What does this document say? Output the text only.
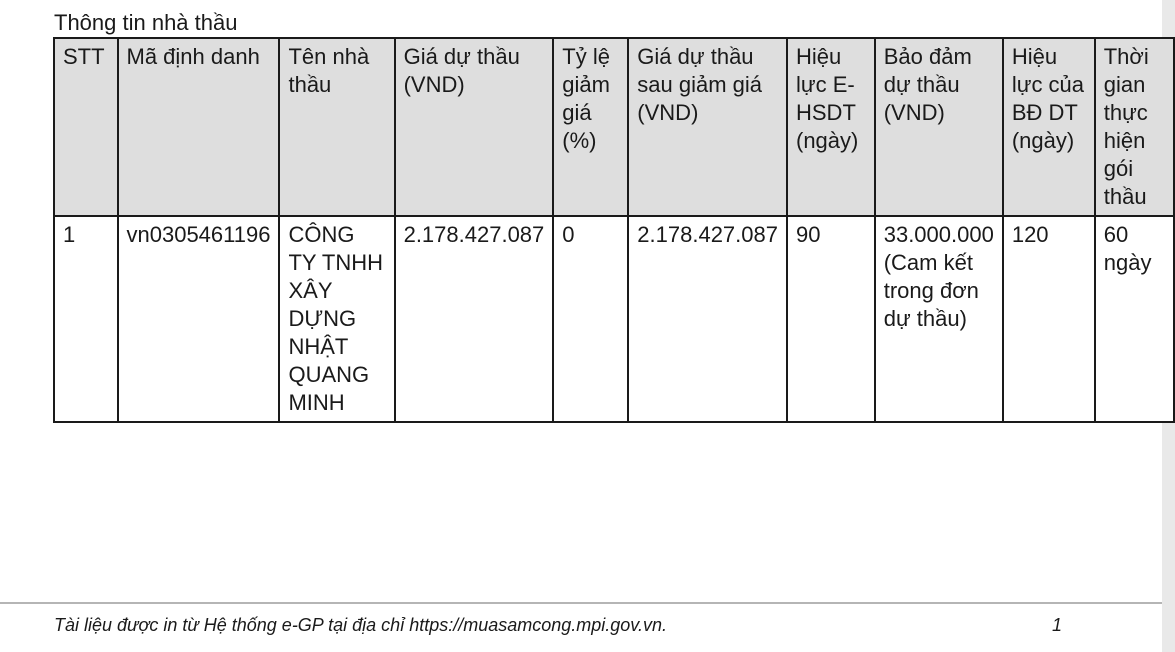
Thông tin nhà thầu
STT	Mã định danh	Tên nhà thầu	Giá dự thầu (VND)	Tỷ lệ giảm giá (%)	Giá dự thầu sau giảm giá (VND)	Hiệu lực E-HSDT (ngày)	Bảo đảm dự thầu (VND)	Hiệu lực của BĐ DT (ngày)	Thời gian thực hiện gói thầu
1	vn0305461196	CÔNG TY TNHH XÂY DỰNG NHẬT QUANG MINH	2.178.427.087	0	2.178.427.087	90	33.000.000 (Cam kết trong đơn dự thầu)	120	60 ngày
Tài liệu được in từ Hệ thống e-GP tại địa chỉ https://muasamcong.mpi.gov.vn.	1
